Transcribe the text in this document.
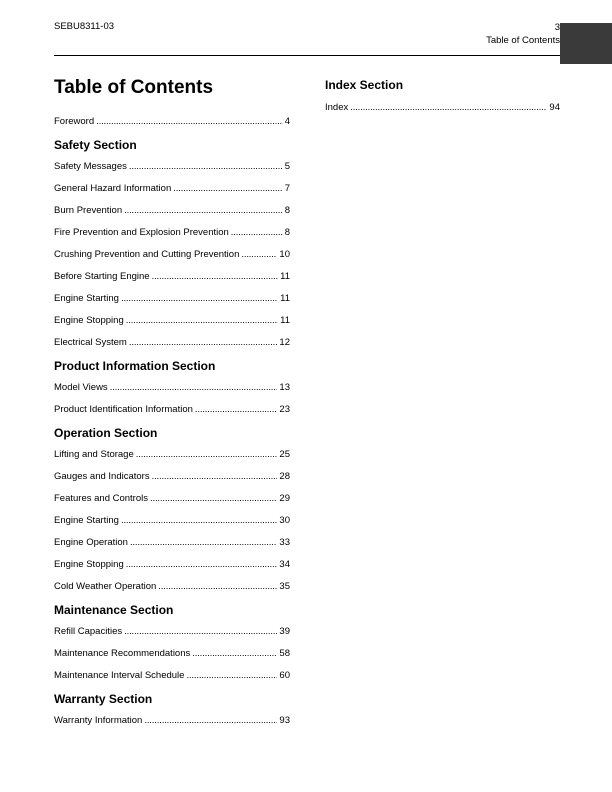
SEBU8311-03	3
Table of Contents
Table of Contents
Foreword . . .	4
Safety Section
Safety Messages . . .	5
General Hazard Information . . .	7
Burn Prevention . . .	8
Fire Prevention and Explosion Prevention . . .	8
Crushing Prevention and Cutting Prevention . . .	10
Before Starting Engine . . .	11
Engine Starting . . .	11
Engine Stopping . . .	11
Electrical System . . .	12
Product Information Section
Model Views . . .	13
Product Identification Information . . .	23
Operation Section
Lifting and Storage . . .	25
Gauges and Indicators . . .	28
Features and Controls . . .	29
Engine Starting . . .	30
Engine Operation . . .	33
Engine Stopping . . .	34
Cold Weather Operation . . .	35
Maintenance Section
Refill Capacities . . .	39
Maintenance Recommendations . . .	58
Maintenance Interval Schedule . . .	60
Warranty Section
Warranty Information . . .	93
Index Section
Index . . .	94
